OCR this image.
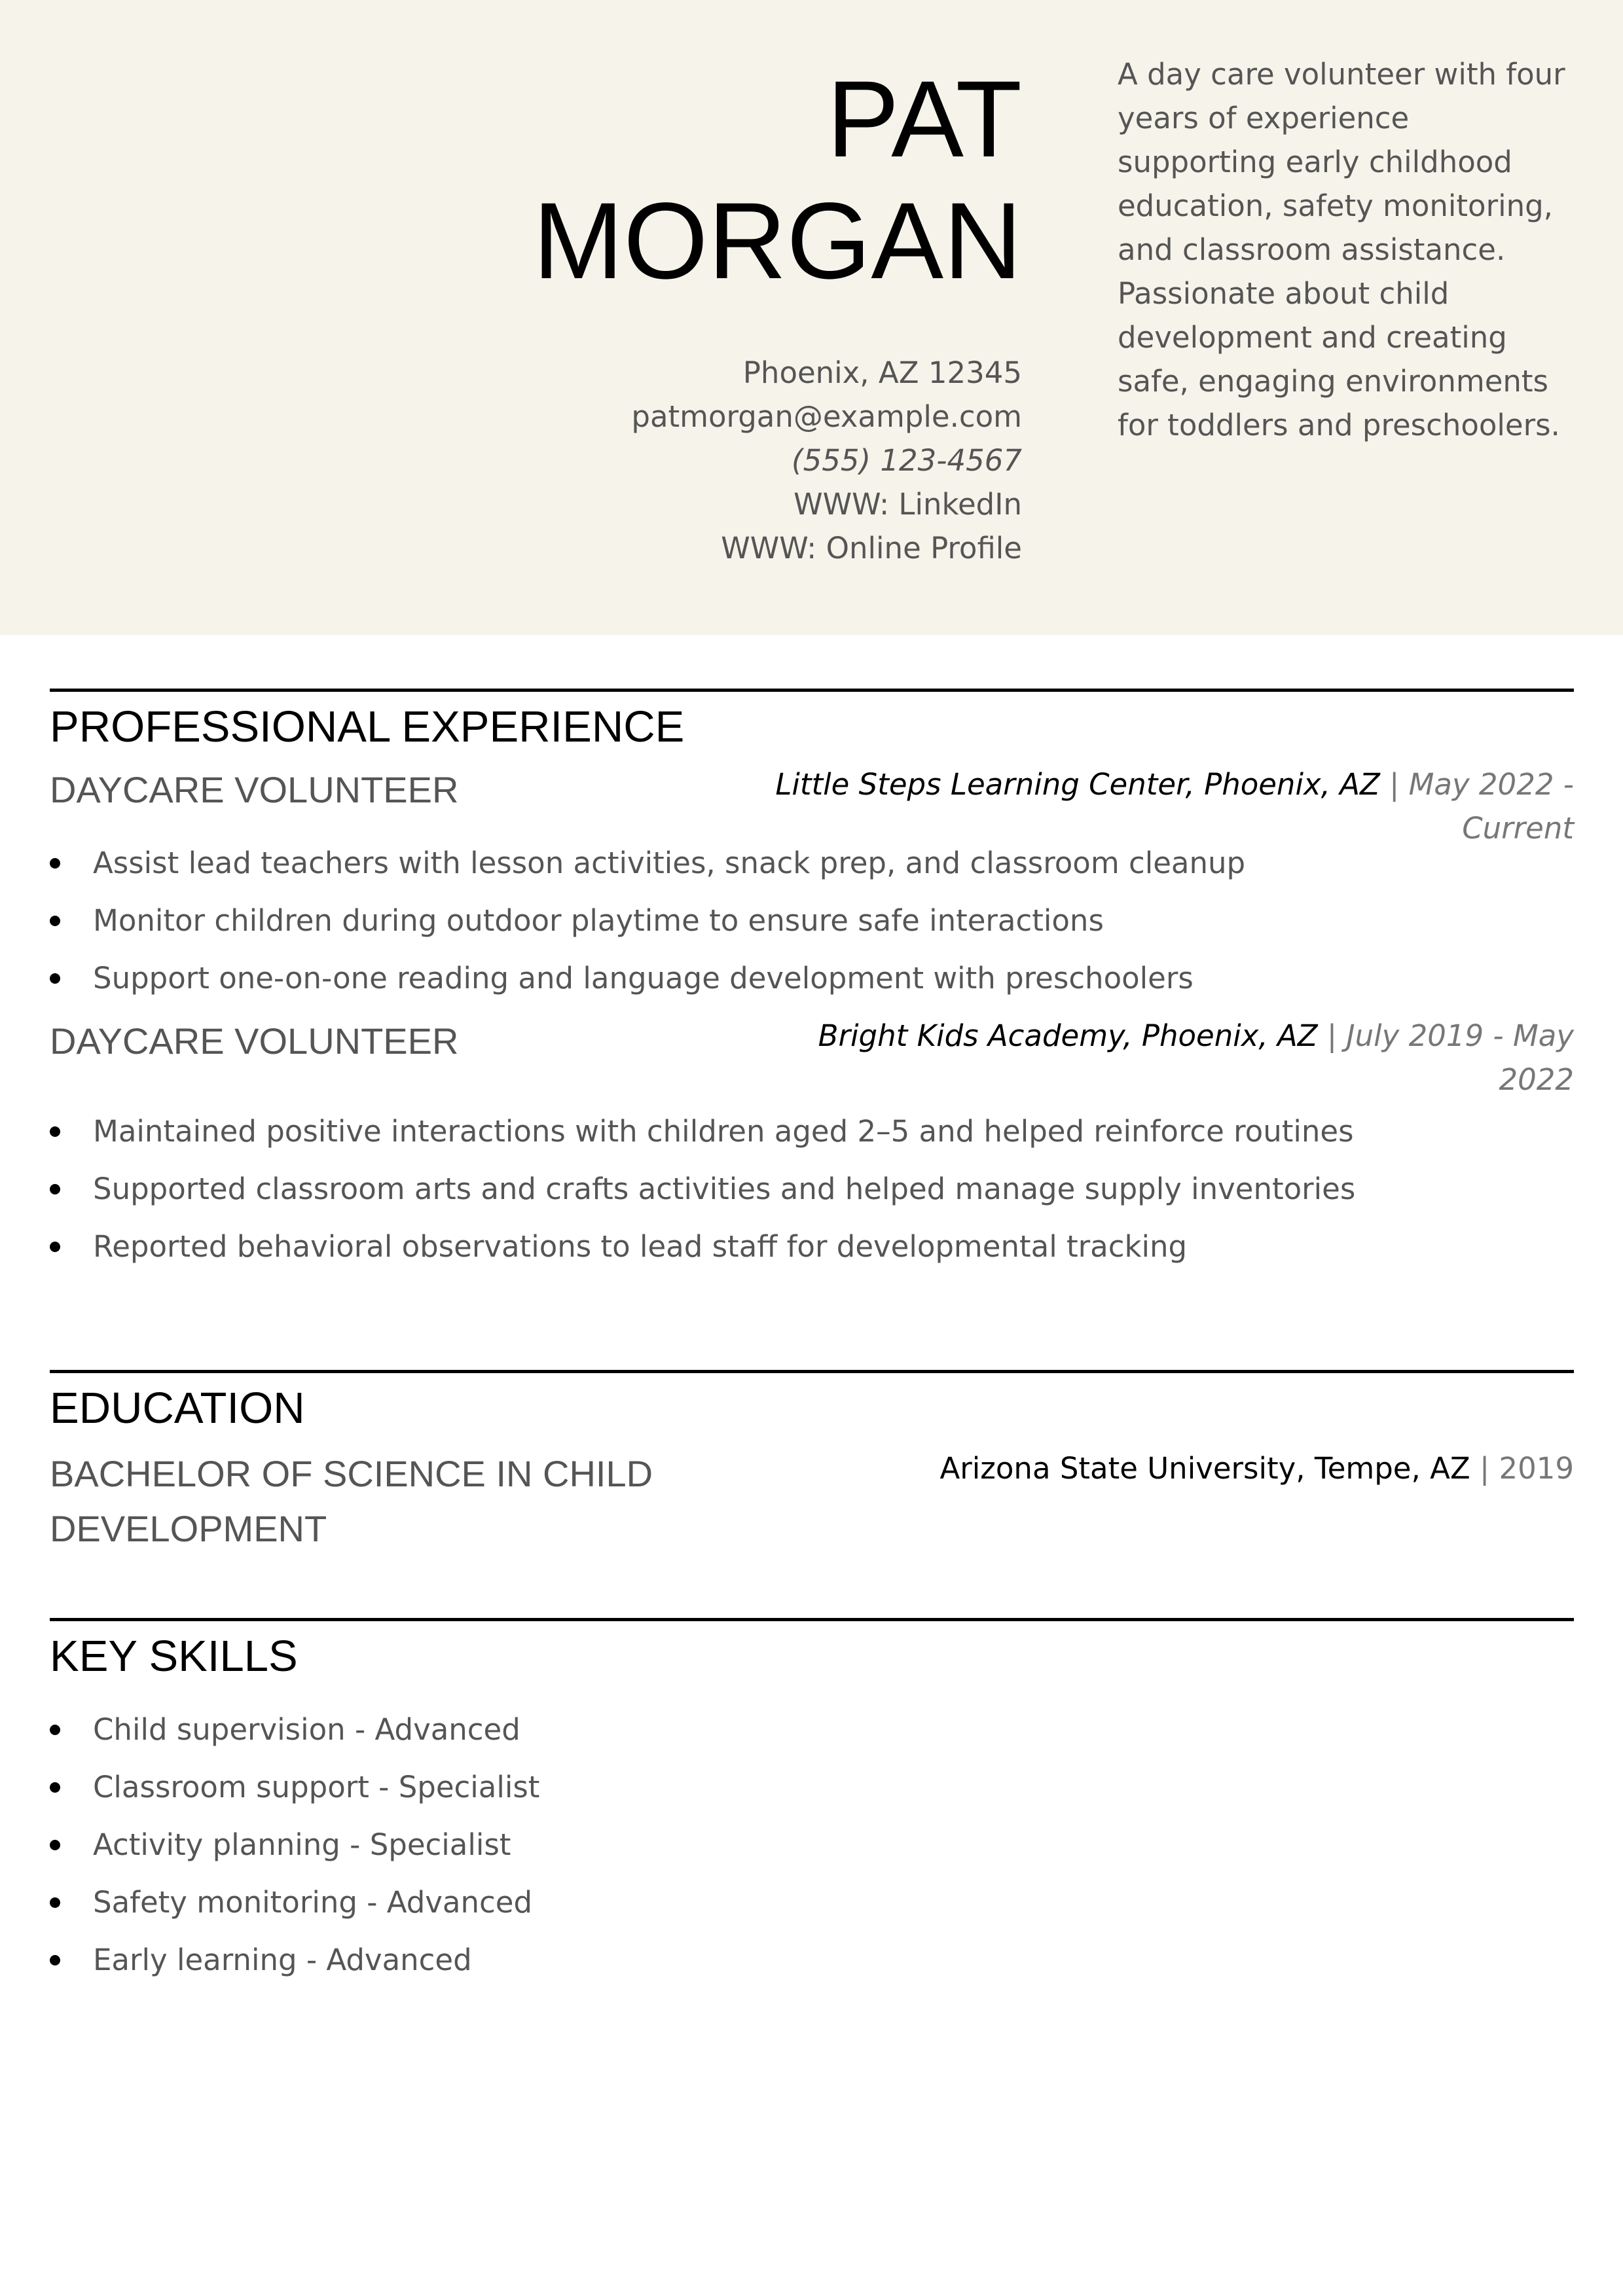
PAT
MORGAN
Phoenix, AZ 12345
patmorgan@example.com
(555) 123-4567
WWW: LinkedIn
WWW: Online Profile
A day care volunteer with four years of experience supporting early childhood education, safety monitoring, and classroom assistance. Passionate about child development and creating safe, engaging environments for toddlers and preschoolers.
PROFESSIONAL EXPERIENCE
DAYCARE VOLUNTEER	Little Steps Learning Center, Phoenix, AZ | May 2022 -
Current
Assist lead teachers with lesson activities, snack prep, and classroom cleanup
Monitor children during outdoor playtime to ensure safe interactions
Support one-on-one reading and language development with preschoolers
DAYCARE VOLUNTEER	Bright Kids Academy, Phoenix, AZ | July 2019 - May
2022
Maintained positive interactions with children aged 2–5 and helped reinforce routines
Supported classroom arts and crafts activities and helped manage supply inventories
Reported behavioral observations to lead staff for developmental tracking
EDUCATION
BACHELOR OF SCIENCE IN CHILD
DEVELOPMENT
Arizona State University, Tempe, AZ | 2019
KEY SKILLS
Child supervision - Advanced
Classroom support - Specialist
Activity planning - Specialist
Safety monitoring - Advanced
Early learning - Advanced
